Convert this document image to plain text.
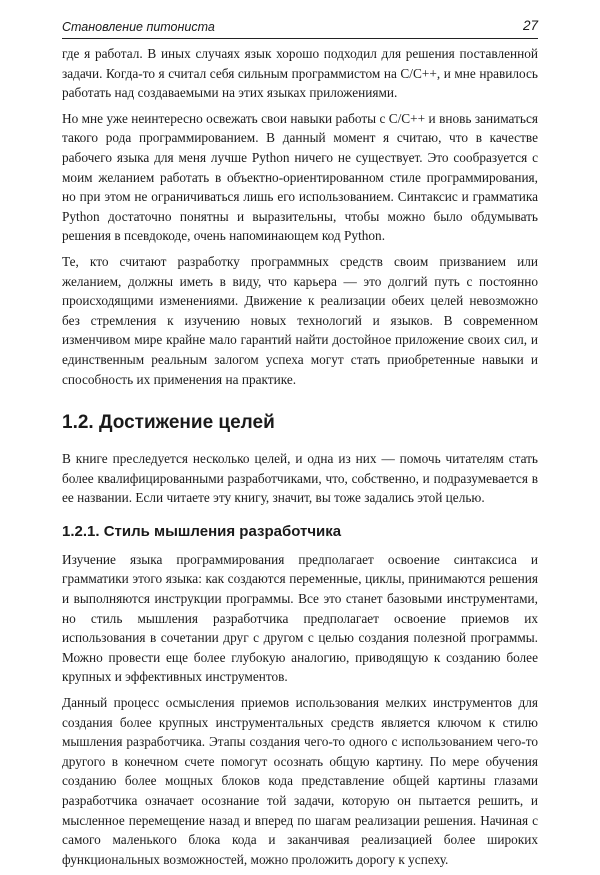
Становление питониста	27

где я работал. В иных случаях язык хорошо подходил для решения поставленной задачи. Когда-то я считал себя сильным программистом на C/C++, и мне нравилось работать над создаваемыми на этих языках приложениями.

Но мне уже неинтересно освежать свои навыки работы с C/C++ и вновь заниматься такого рода программированием. В данный момент я считаю, что в качестве рабочего языка для меня лучше Python ничего не существует. Это сообразуется с моим желанием работать в объектно-ориентированном стиле программирования, но при этом не ограничиваться лишь его использованием. Синтаксис и грамматика Python достаточно понятны и выразительны, чтобы можно было обдумывать решения в псевдокоде, очень напоминающем код Python.

Те, кто считают разработку программных средств своим призванием или желанием, должны иметь в виду, что карьера — это долгий путь с постоянно происходящими изменениями. Движение к реализации обеих целей невозможно без стремления к изучению новых технологий и языков. В современном изменчивом мире крайне мало гарантий найти достойное приложение своих сил, и единственным реальным залогом успеха могут стать приобретенные навыки и способность их применения на практике.

1.2. Достижение целей

В книге преследуется несколько целей, и одна из них — помочь читателям стать более квалифицированными разработчиками, что, собственно, и подразумевается в ее названии. Если читаете эту книгу, значит, вы тоже задались этой целью.

1.2.1. Стиль мышления разработчика

Изучение языка программирования предполагает освоение синтаксиса и грамматики этого языка: как создаются переменные, циклы, принимаются решения и выполняются инструкции программы. Все это станет базовыми инструментами, но стиль мышления разработчика предполагает освоение приемов их использования в сочетании друг с другом с целью создания полезной программы. Можно провести еще более глубокую аналогию, приводящую к созданию более крупных и эффективных инструментов.

Данный процесс осмысления приемов использования мелких инструментов для создания более крупных инструментальных средств является ключом к стилю мышления разработчика. Этапы создания чего-то одного с использованием чего-то другого в конечном счете помогут осознать общую картину. По мере обучения созданию более мощных блоков кода представление общей картины глазами разработчика означает осознание той задачи, которую он пытается решить, и мысленное перемещение назад и вперед по шагам реализации решения. Начиная с самого маленького блока кода и заканчивая реализацией более широких функциональных возможностей, можно проложить дорогу к успеху.
